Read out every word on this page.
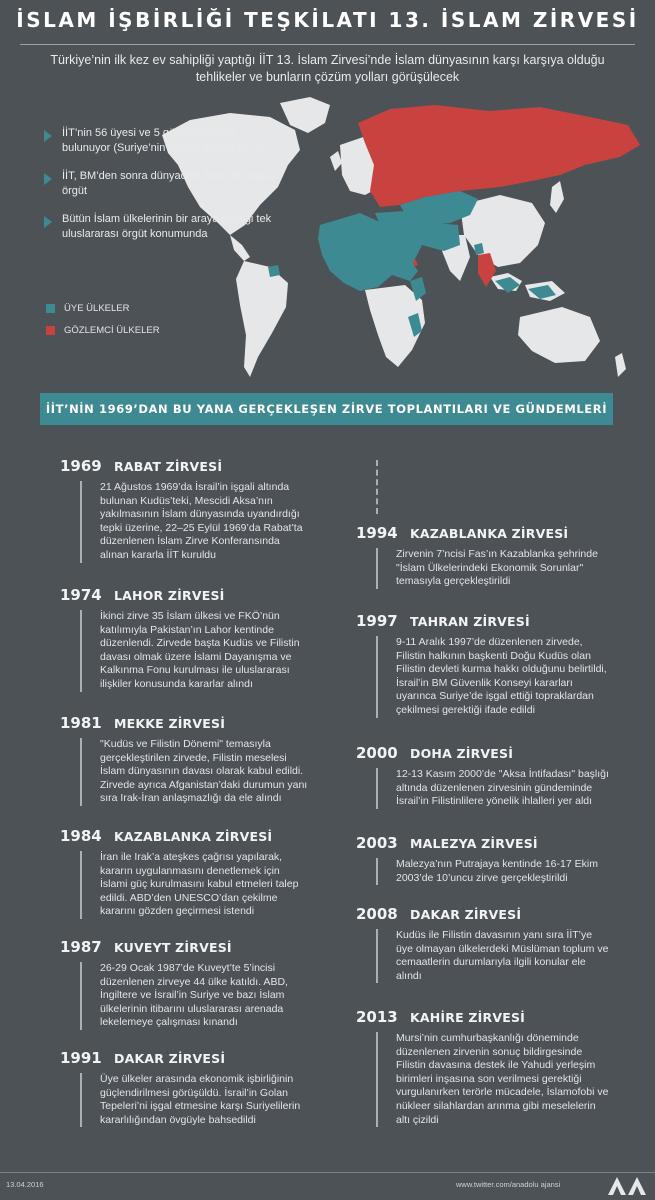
İSLAM İŞBİRLİĞİ TEŞKİLATI 13. İSLAM ZİRVESİ
Türkiye’nin ilk kez ev sahipliği yaptığı İİT 13. İslam Zirvesi’nde İslam dünyasının karşı karşıya olduğu tehlikeler ve bunların çözüm yolları görüşülecek
İİT’nin 56 üyesi ve 5 gözlemci üyesi bulunuyor (Suriye’nin üyeliği askıya alındı)
İİT, BM’den sonra dünyadaki ikinci en büyük örgüt
Bütün İslam ülkelerinin bir araya geldiği tek uluslararası örgüt konumunda
ÜYE ÜLKELER
GÖZLEMCİ ÜLKELER
İİT’NİN 1969’DAN BU YANA GERÇEKLEŞEN ZİRVE TOPLANTILARI VE GÜNDEMLERİ
1969 RABAT ZİRVESİ
21 Ağustos 1969’da İsrail’in işgali altında bulunan Kudüs’teki, Mescidi Aksa’nın yakılmasının İslam dünyasında uyandırdığı tepki üzerine, 22–25 Eylül 1969’da Rabat’ta düzenlenen İslam Zirve Konferansında alınan kararla İİT kuruldu
1974 LAHOR ZİRVESİ
İkinci zirve 35 İslam ülkesi ve FKÖ’nün katılımıyla Pakistan’ın Lahor kentinde düzenlendi. Zirvede başta Kudüs ve Filistin davası olmak üzere İslami Dayanışma ve Kalkınma Fonu kurulması ile uluslararası ilişkiler konusunda kararlar alındı
1981 MEKKE ZİRVESİ
"Kudüs ve Filistin Dönemi" temasıyla gerçekleştirilen zirvede, Filistin meselesi İslam dünyasının davası olarak kabul edildi. Zirvede ayrıca Afganistan’daki durumun yanı sıra Irak-İran anlaşmazlığı da ele alındı
1984 KAZABLANKA ZİRVESİ
İran ile Irak’a ateşkes çağrısı yapılarak, kararın uygulanmasını denetlemek için İslami güç kurulmasını kabul etmeleri talep edildi. ABD’den UNESCO’dan çekilme kararını gözden geçirmesi istendi
1987 KUVEYT ZİRVESİ
26-29 Ocak 1987’de Kuveyt’te 5’incisi düzenlenen zirveye 44 ülke katıldı. ABD, İngiltere ve İsrail’in Suriye ve bazı İslam ülkelerinin itibarını uluslararası arenada lekelemeye çalışması kınandı
1991 DAKAR ZİRVESİ
Üye ülkeler arasında ekonomik işbirliğinin güçlendirilmesi görüşüldü. İsrail’in Golan Tepeleri’ni işgal etmesine karşı Suriyelilerin kararlılığından övgüyle bahsedildi
1994 KAZABLANKA ZİRVESİ
Zirvenin 7’ncisi Fas’ın Kazablanka şehrinde "İslam Ülkelerindeki Ekonomik Sorunlar" temasıyla gerçekleştirildi
1997 TAHRAN ZİRVESİ
9-11 Aralık 1997’de düzenlenen zirvede, Filistin halkının başkenti Doğu Kudüs olan Filistin devleti kurma hakkı olduğunu belirtildi, İsrail’in BM Güvenlik Konseyi kararları uyarınca Suriye’de işgal ettiği topraklardan çekilmesi gerektiği ifade edildi
2000 DOHA ZİRVESİ
12-13 Kasım 2000’de "Aksa İntifadası" başlığı altında düzenlenen zirvesinin gündeminde İsrail’in Filistinlilere yönelik ihlalleri yer aldı
2003 MALEZYA ZİRVESİ
Malezya’nın Putrajaya kentinde 16-17 Ekim 2003’de 10’uncu zirve gerçekleştirildi
2008 DAKAR ZİRVESİ
Kudüs ile Filistin davasının yanı sıra İİT’ye üye olmayan ülkelerdeki Müslüman toplum ve cemaatlerin durumlarıyla ilgili konular ele alındı
2013 KAHİRE ZİRVESİ
Mursi’nin cumhurbaşkanlığı döneminde düzenlenen zirvenin sonuç bildirgesinde Filistin davasına destek ile Yahudi yerleşim birimleri inşasına son verilmesi gerektiği vurgulanırken terörle mücadele, İslamofobi ve nükleer silahlardan arınma gibi meselelerin altı çizildi
13.04.2016	www.twitter.com/anadolu ajansi
